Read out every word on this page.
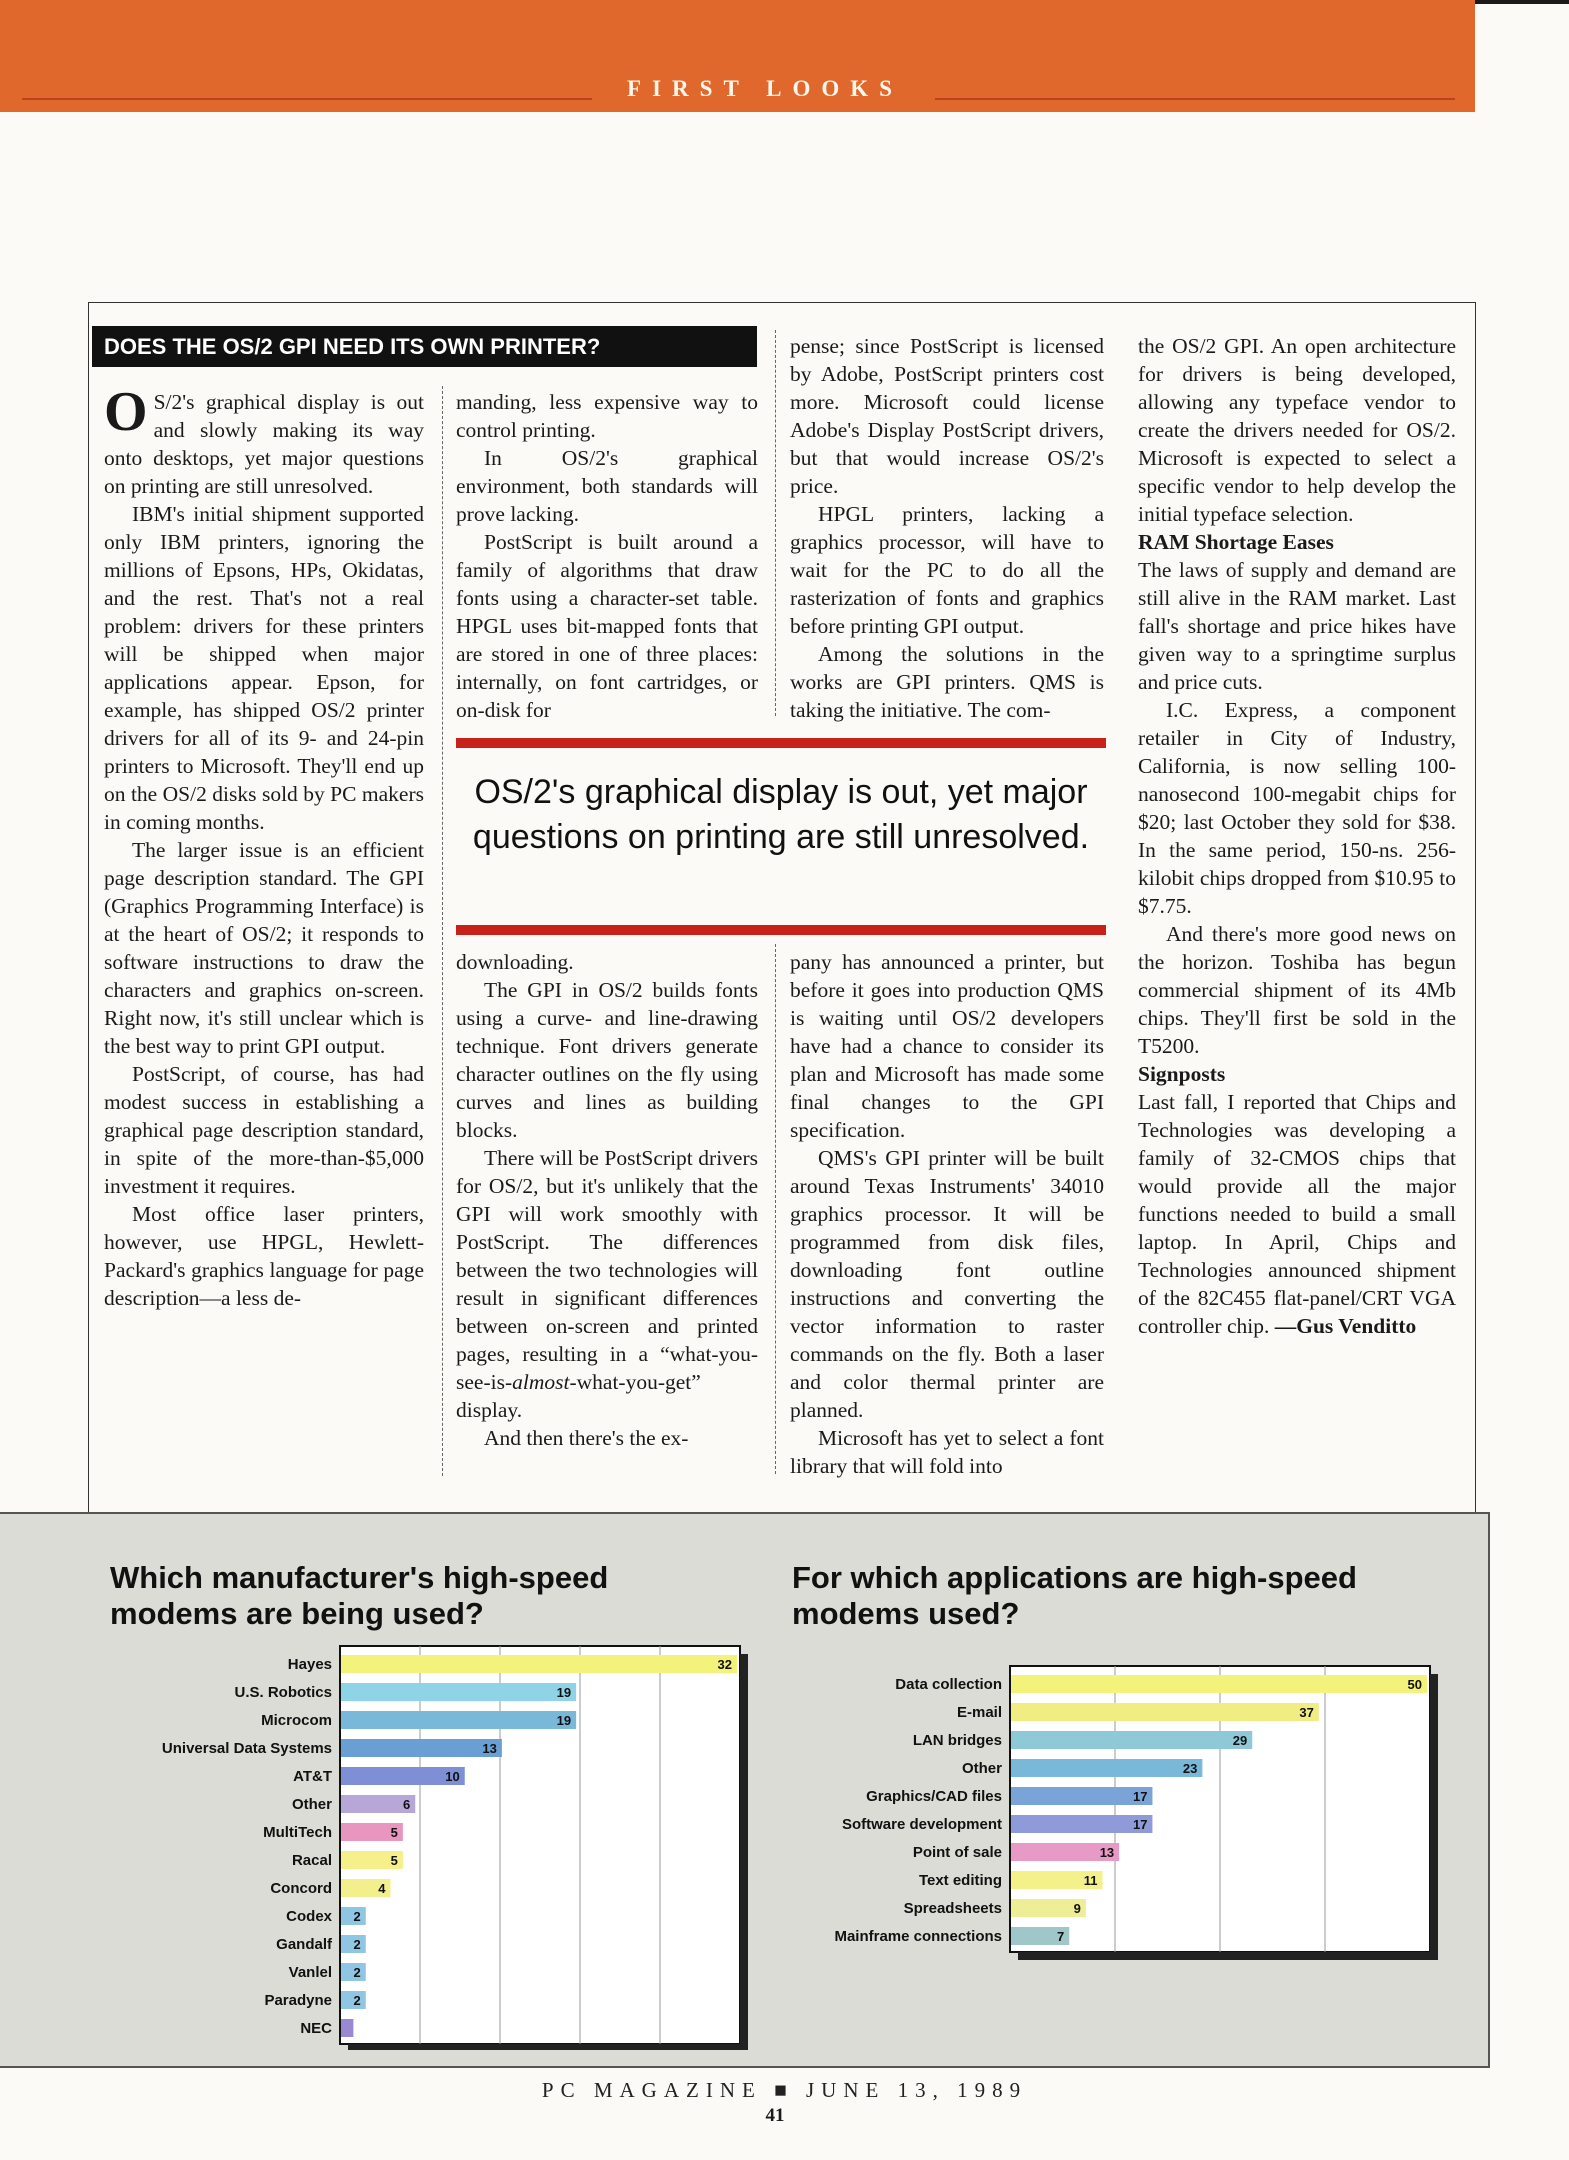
FIRST LOOKS
DOES THE OS/2 GPI NEED ITS OWN PRINTER?

O S/2's graphical display is out and slowly making its way onto desktops, yet major questions on printing are still unresolved.

IBM's initial shipment supported only IBM printers, ignoring the millions of Epsons, HPs, Okidatas, and the rest. That's not a real problem: drivers for these printers will be shipped when major applications appear. Epson, for example, has shipped OS/2 printer drivers for all of its 9- and 24-pin printers to Microsoft. They'll end up on the OS/2 disks sold by PC makers in coming months.

The larger issue is an efficient page description standard. The GPI (Graphics Programming Interface) is at the heart of OS/2; it responds to software instructions to draw the characters and graphics on-screen. Right now, it's still unclear which is the best way to print GPI output.

PostScript, of course, has had modest success in establishing a graphical page description standard, in spite of the more-than-$5,000 investment it requires.

Most office laser printers, however, use HPGL, Hewlett-Packard's graphics language for page description—a less de-

manding, less expensive way to control printing.

In OS/2's graphical environment, both standards will prove lacking.

PostScript is built around a family of algorithms that draw fonts using a character-set table. HPGL uses bit-mapped fonts that are stored in one of three places: internally, on font cartridges, or on-disk for

pense; since PostScript is licensed by Adobe, PostScript printers cost more. Microsoft could license Adobe's Display PostScript drivers, but that would increase OS/2's price.

HPGL printers, lacking a graphics processor, will have to wait for the PC to do all the rasterization of fonts and graphics before printing GPI output.

Among the solutions in the works are GPI printers. QMS is taking the initiative. The com-

OS/2's graphical display is out, yet major questions on printing are still unresolved.

downloading.

The GPI in OS/2 builds fonts using a curve- and line-drawing technique. Font drivers generate character outlines on the fly using curves and lines as building blocks.

There will be PostScript drivers for OS/2, but it's unlikely that the GPI will work smoothly with PostScript. The differences between the two technologies will result in significant differences between on-screen and printed pages, resulting in a “what-you-see-is-almost-what-you-get” display.

And then there's the ex-

pany has announced a printer, but before it goes into production QMS is waiting until OS/2 developers have had a chance to consider its plan and Microsoft has made some final changes to the GPI specification.

QMS's GPI printer will be built around Texas Instruments' 34010 graphics processor. It will be programmed from disk files, downloading font outline instructions and converting the vector information to raster commands on the fly. Both a laser and color thermal printer are planned.

Microsoft has yet to select a font library that will fold into

the OS/2 GPI. An open architecture for drivers is being developed, allowing any typeface vendor to create the drivers needed for OS/2. Microsoft is expected to select a specific vendor to help develop the initial typeface selection.

RAM Shortage Eases

The laws of supply and demand are still alive in the RAM market. Last fall's shortage and price hikes have given way to a springtime surplus and price cuts.

I.C. Express, a component retailer in City of Industry, California, is now selling 100-nanosecond 100-megabit chips for $20; last October they sold for $38. In the same period, 150-ns. 256-kilobit chips dropped from $10.95 to $7.75.

And there's more good news on the horizon. Toshiba has begun commercial shipment of its 4Mb chips. They'll first be sold in the T5200.

Signposts

Last fall, I reported that Chips and Technologies was developing a family of 32-CMOS chips that would provide all the major functions needed to build a small laptop. In April, Chips and Technologies announced shipment of the 82C455 flat-panel/CRT VGA controller chip. —Gus Venditto

Which manufacturer's high-speed modems are being used?
For which applications are high-speed modems used?
Hayes	32
U.S. Robotics	19
Microcom	19
Universal Data Systems	13
AT&T	10
Other	6
MultiTech	5
Racal	5
Concord	4
Codex 2
Gandalf 2
Vanlel 2
Paradyne 2
NEC
Data collection	50
E-mail	37
LAN bridges	29
Other	23
Graphics/CAD files	17
Software development	17
Point of sale	13
Text editing	11
Spreadsheets	9
Mainframe connections	7
PC MAGAZINE ■ JUNE 13, 1989
41
